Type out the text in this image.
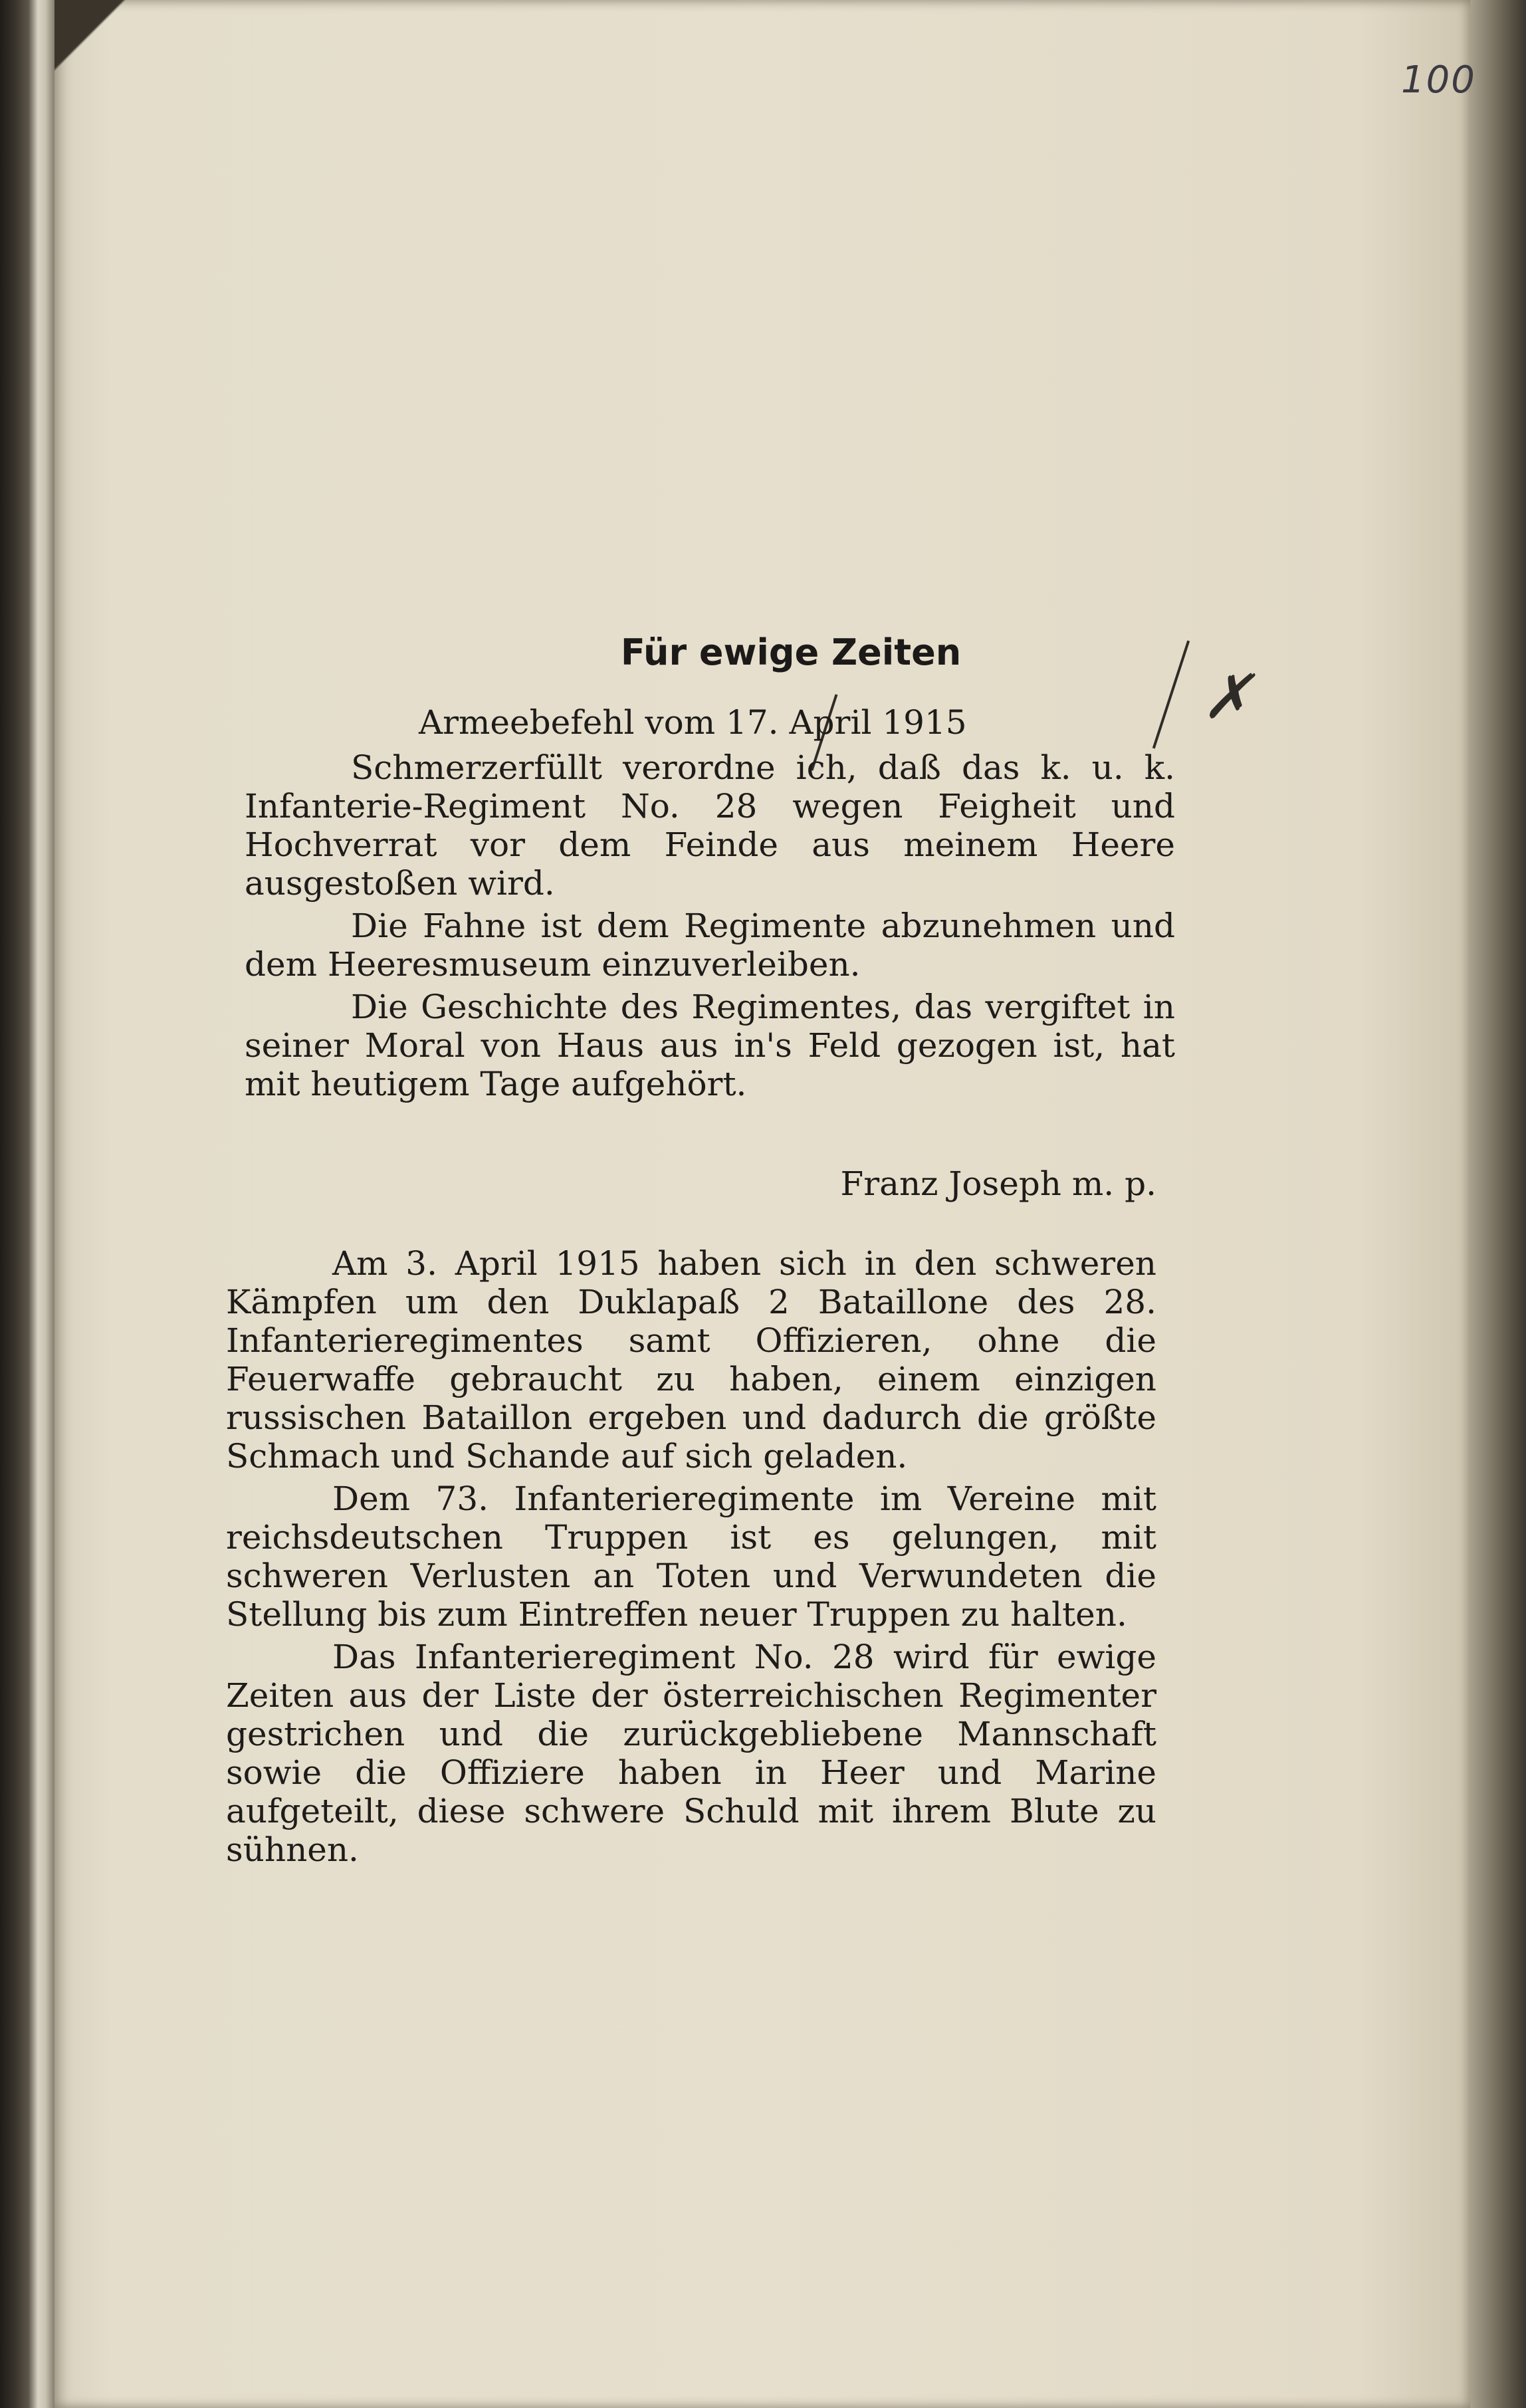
100
✗
Für ewige Zeiten
Armeebefehl vom 17. April 1915

Schmerzerfüllt verordne ich, daß das k. u. k. Infanterie-Regiment No. 28 wegen Feigheit und Hochverrat vor dem Feinde aus meinem Heere ausgestoßen wird.

Die Fahne ist dem Regimente abzunehmen und dem Heeresmuseum einzuverleiben.

Die Geschichte des Regimentes, das vergiftet in seiner Moral von Haus aus in's Feld gezogen ist, hat mit heutigem Tage aufgehört.

Franz Joseph m. p.

Am 3. April 1915 haben sich in den schweren Kämpfen um den Duklapaß 2 Bataillone des 28. Infanterieregimentes samt Offizieren, ohne die Feuerwaffe gebraucht zu haben, einem einzigen russischen Bataillon ergeben und dadurch die größte Schmach und Schande auf sich geladen.

Dem 73. Infanterieregimente im Vereine mit reichsdeutschen Truppen ist es gelungen, mit schweren Verlusten an Toten und Verwundeten die Stellung bis zum Eintreffen neuer Truppen zu halten.

Das Infanterieregiment No. 28 wird für ewige Zeiten aus der Liste der österreichischen Regimenter gestrichen und die zurückgebliebene Mannschaft sowie die Offiziere haben in Heer und Marine aufgeteilt, diese schwere Schuld mit ihrem Blute zu sühnen.
